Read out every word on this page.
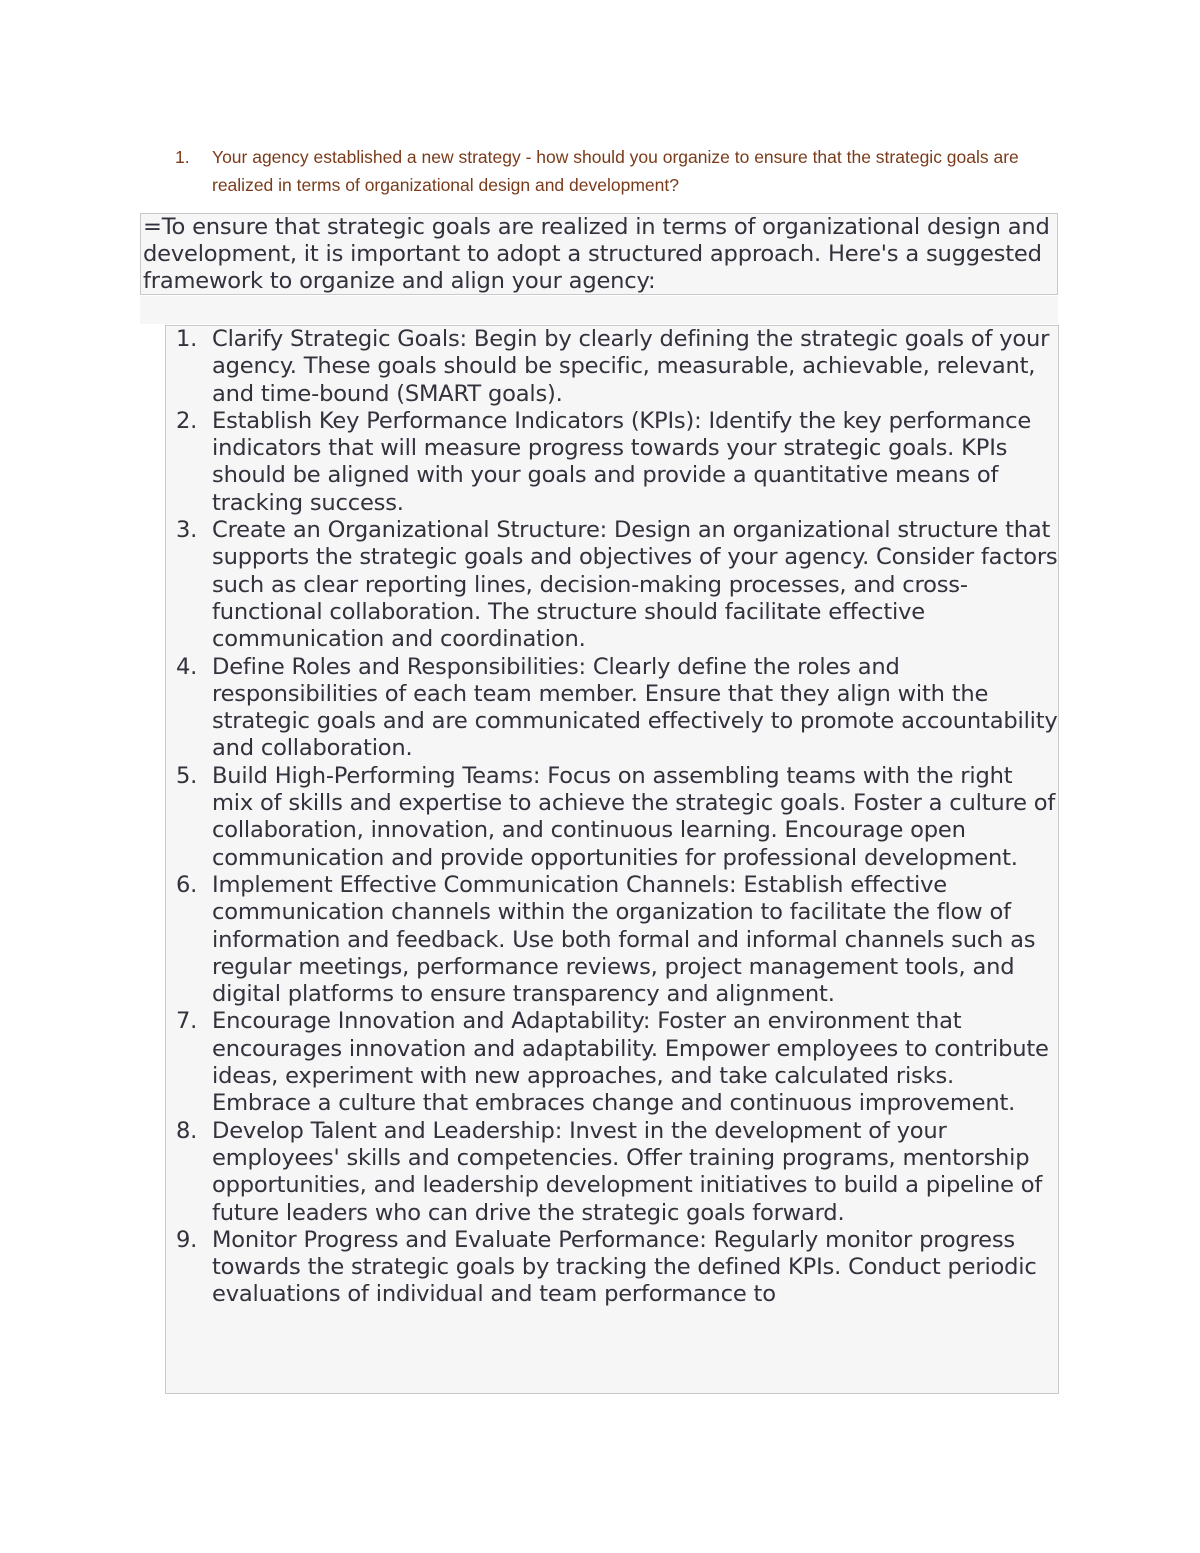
1. Your agency established a new strategy - how should you organize to ensure that the strategic goals are realized in terms of organizational design and development?
=To ensure that strategic goals are realized in terms of organizational design and development, it is important to adopt a structured approach. Here's a suggested framework to organize and align your agency:
1. Clarify Strategic Goals: Begin by clearly defining the strategic goals of your agency. These goals should be specific, measurable, achievable, relevant, and time-bound (SMART goals).
2. Establish Key Performance Indicators (KPIs): Identify the key performance indicators that will measure progress towards your strategic goals. KPIs should be aligned with your goals and provide a quantitative means of tracking success.
3. Create an Organizational Structure: Design an organizational structure that supports the strategic goals and objectives of your agency. Consider factors such as clear reporting lines, decision-making processes, and cross-functional collaboration. The structure should facilitate effective communication and coordination.
4. Define Roles and Responsibilities: Clearly define the roles and responsibilities of each team member. Ensure that they align with the strategic goals and are communicated effectively to promote accountability and collaboration.
5. Build High-Performing Teams: Focus on assembling teams with the right mix of skills and expertise to achieve the strategic goals. Foster a culture of collaboration, innovation, and continuous learning. Encourage open communication and provide opportunities for professional development.
6. Implement Effective Communication Channels: Establish effective communication channels within the organization to facilitate the flow of information and feedback. Use both formal and informal channels such as regular meetings, performance reviews, project management tools, and digital platforms to ensure transparency and alignment.
7. Encourage Innovation and Adaptability: Foster an environment that encourages innovation and adaptability. Empower employees to contribute ideas, experiment with new approaches, and take calculated risks. Embrace a culture that embraces change and continuous improvement.
8. Develop Talent and Leadership: Invest in the development of your employees' skills and competencies. Offer training programs, mentorship opportunities, and leadership development initiatives to build a pipeline of future leaders who can drive the strategic goals forward.
9. Monitor Progress and Evaluate Performance: Regularly monitor progress towards the strategic goals by tracking the defined KPIs. Conduct periodic evaluations of individual and team performance to
